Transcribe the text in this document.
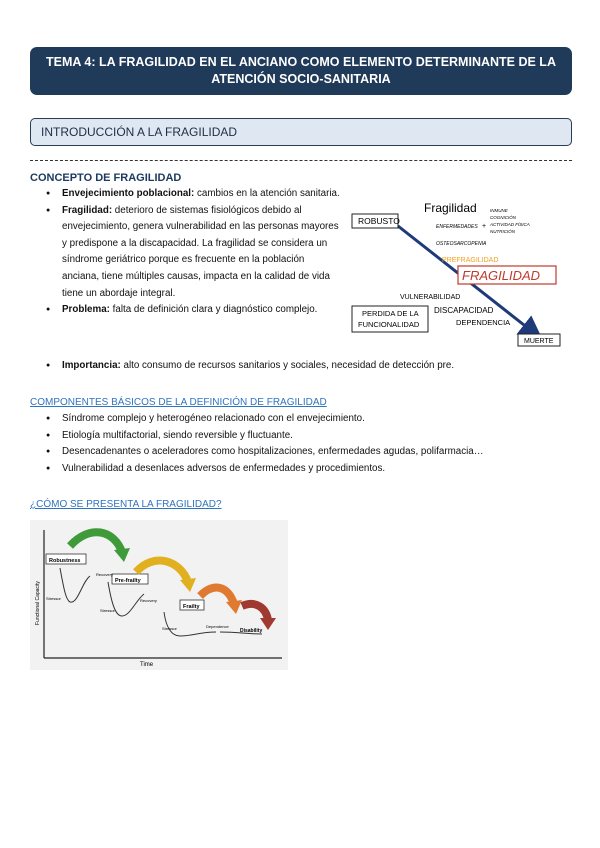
TEMA 4: LA FRAGILIDAD EN EL ANCIANO COMO ELEMENTO DETERMINANTE DE LA
ATENCIÓN SOCIO-SANITARIA
INTRODUCCIÓN A LA FRAGILIDAD
CONCEPTO DE FRAGILIDAD
● Envejecimiento poblacional: cambios en la atención sanitaria.
● Fragilidad: deterioro de sistemas fisiológicos debido al envejecimiento, genera vulnerabilidad en las personas mayores y predispone a la discapacidad. La fragilidad se considera un síndrome geriátrico porque es frecuente en la población anciana, tiene múltiples causas, impacta en la calidad de vida tiene un abordaje integral.
● Problema: falta de definición clara y diagnóstico complejo.
● Importancia: alto consumo de recursos sanitarios y sociales, necesidad de detección pre.
ROBUSTO
Fragilidad
ENFERMEDADES +
INMUNE
COGNICIÓN
ACTIVIDAD FÍSICA
NUTRICIÓN
OSTEOSARCOPENIA
PREFRAGILIDAD
FRAGILIDAD
VULNERABILIDAD
PERDIDA DE LA
FUNCIONALIDAD
DISCAPACIDAD
DEPENDENCIA
MUERTE
COMPONENTES BÁSICOS DE LA DEFINICIÓN DE FRAGILIDAD
● Síndrome complejo y heterogéneo relacionado con el envejecimiento.
● Etiología multifactorial, siendo reversible y fluctuante.
● Desencadenantes o aceleradores como hospitalizaciones, enfermedades agudas, polifarmacia…
● Vulnerabilidad a desenlaces adversos de enfermedades y procedimientos.
¿CÓMO SE PRESENTA LA FRAGILIDAD?
Functional Capacity
Time
Robustness
Pre-frailty
Frailty
Disability
Stressor
Recovery
Stressor
Recovery
Stressor	Dependence
